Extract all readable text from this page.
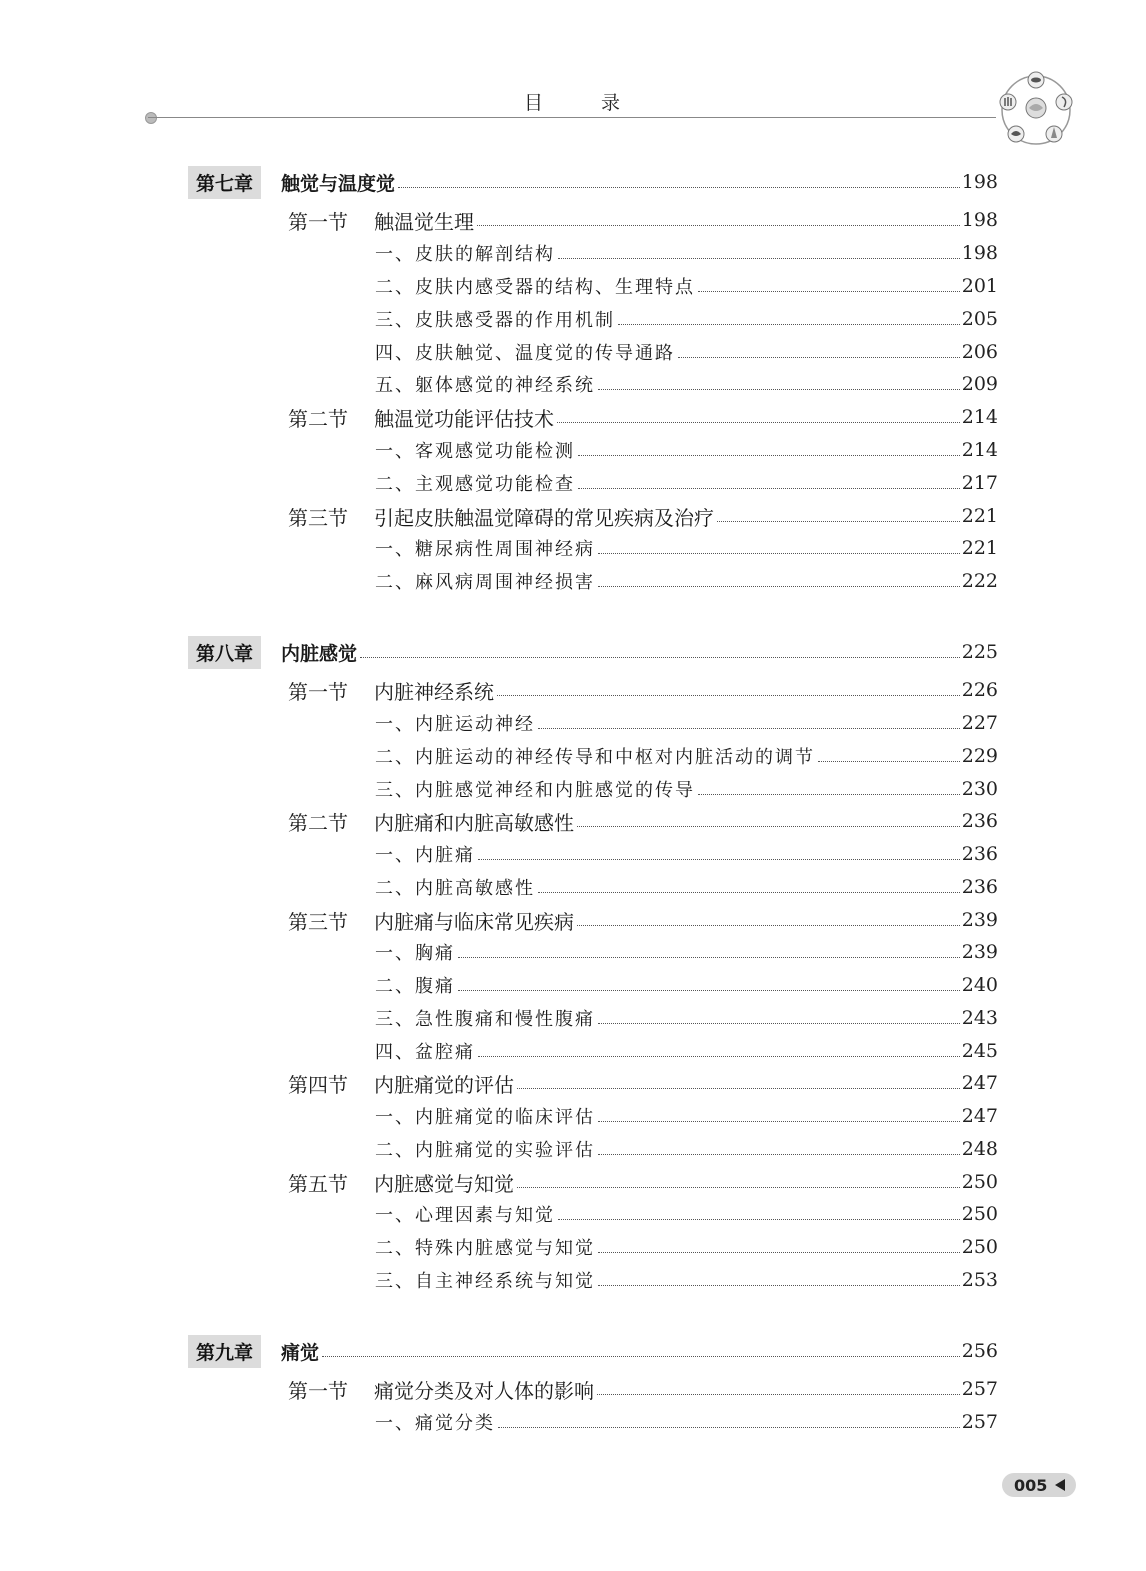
目	录
第七章	触觉与温度觉	198
第一节	触温觉生理	198
一、皮肤的解剖结构	198
二、皮肤内感受器的结构、生理特点	201
三、皮肤感受器的作用机制	205
四、皮肤触觉、温度觉的传导通路	206
五、躯体感觉的神经系统	209
第二节	触温觉功能评估技术	214
一、客观感觉功能检测	214
二、主观感觉功能检查	217
第三节	引起皮肤触温觉障碍的常见疾病及治疗	221
一、糖尿病性周围神经病	221
二、麻风病周围神经损害	222
第八章	内脏感觉	225
第一节	内脏神经系统	226
一、内脏运动神经	227
二、内脏运动的神经传导和中枢对内脏活动的调节	229
三、内脏感觉神经和内脏感觉的传导	230
第二节	内脏痛和内脏高敏感性	236
一、内脏痛	236
二、内脏高敏感性	236
第三节	内脏痛与临床常见疾病	239
一、胸痛	239
二、腹痛	240
三、急性腹痛和慢性腹痛	243
四、盆腔痛	245
第四节	内脏痛觉的评估	247
一、内脏痛觉的临床评估	247
二、内脏痛觉的实验评估	248
第五节	内脏感觉与知觉	250
一、心理因素与知觉	250
二、特殊内脏感觉与知觉	250
三、自主神经系统与知觉	253
第九章	痛觉	256
第一节	痛觉分类及对人体的影响	257
一、痛觉分类	257
005
